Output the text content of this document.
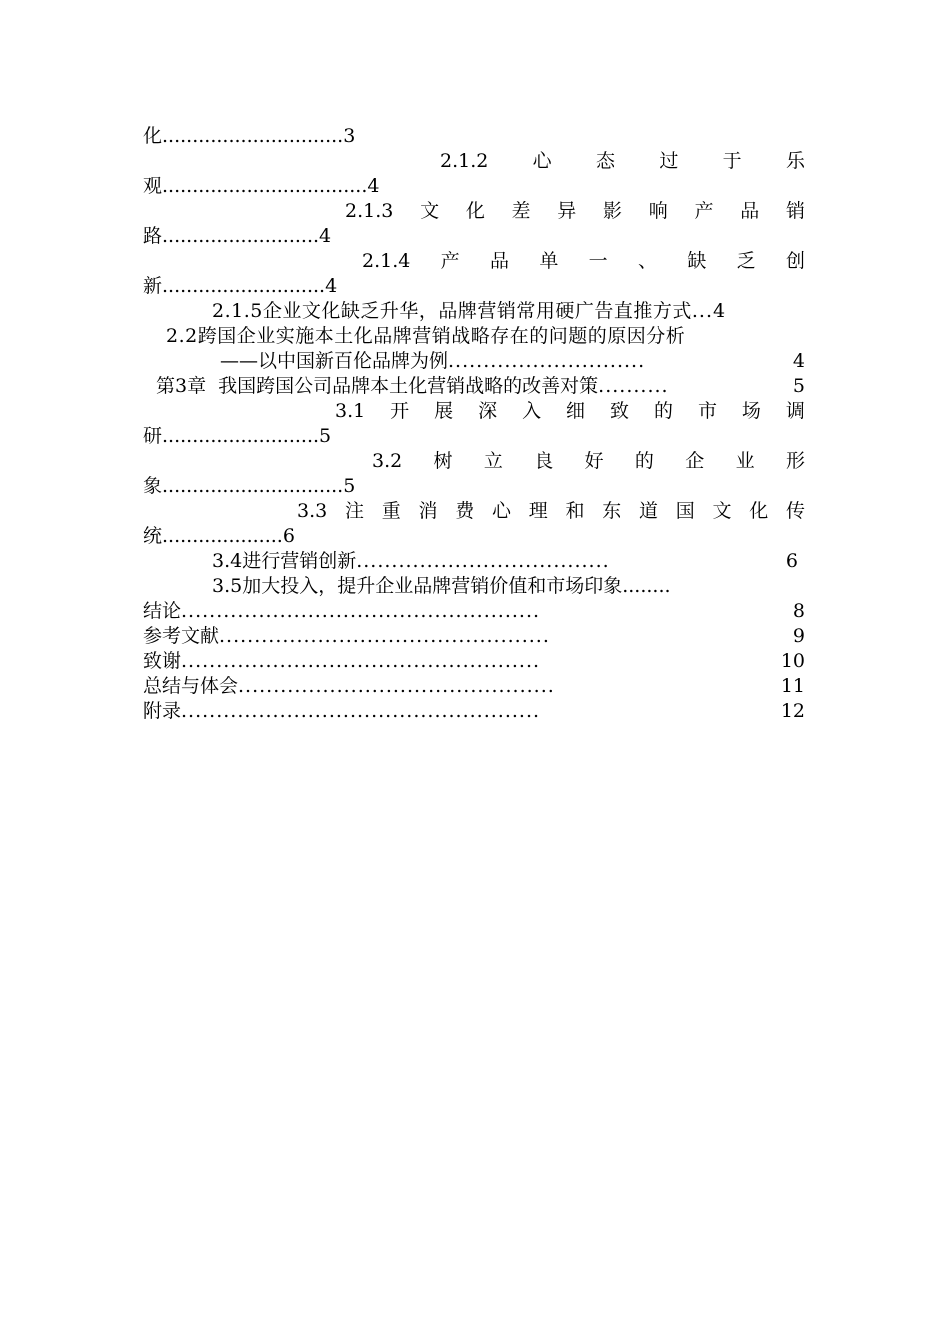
化..............................3
2.1.2 心 态 过 于 乐
观..................................4
2.1.3 文 化 差 异 影 响 产 品 销
路..........................4
2.1.4 产 品 单 一 、 缺 乏 创
新...........................4
2.1.5企业文化缺乏升华，品牌营销常用硬广告直推方式 ... 4
2.2跨国企业实施本土化品牌营销战略存在的问题的原因分析
——以中国新百伦品牌为例 ............................	4
第3章  我国跨国公司品牌本土化营销战略的改善对策 ..........	5
3.1 开 展 深 入 细 致 的 市 场 调
研..........................5
3.2 树 立 良 好 的 企 业 形
象..............................5
3.3 注 重 消 费 心 理 和 东 道 国 文 化 传
统....................6
3.4进行营销创新 ....................................	6
3.5加大投入，提升企业品牌营销价值和市场印象........
结论 ...................................................	8
参考文献 ...............................................	9
致谢 ...................................................	10
总结与体会 .............................................	11
附录 ...................................................	12
